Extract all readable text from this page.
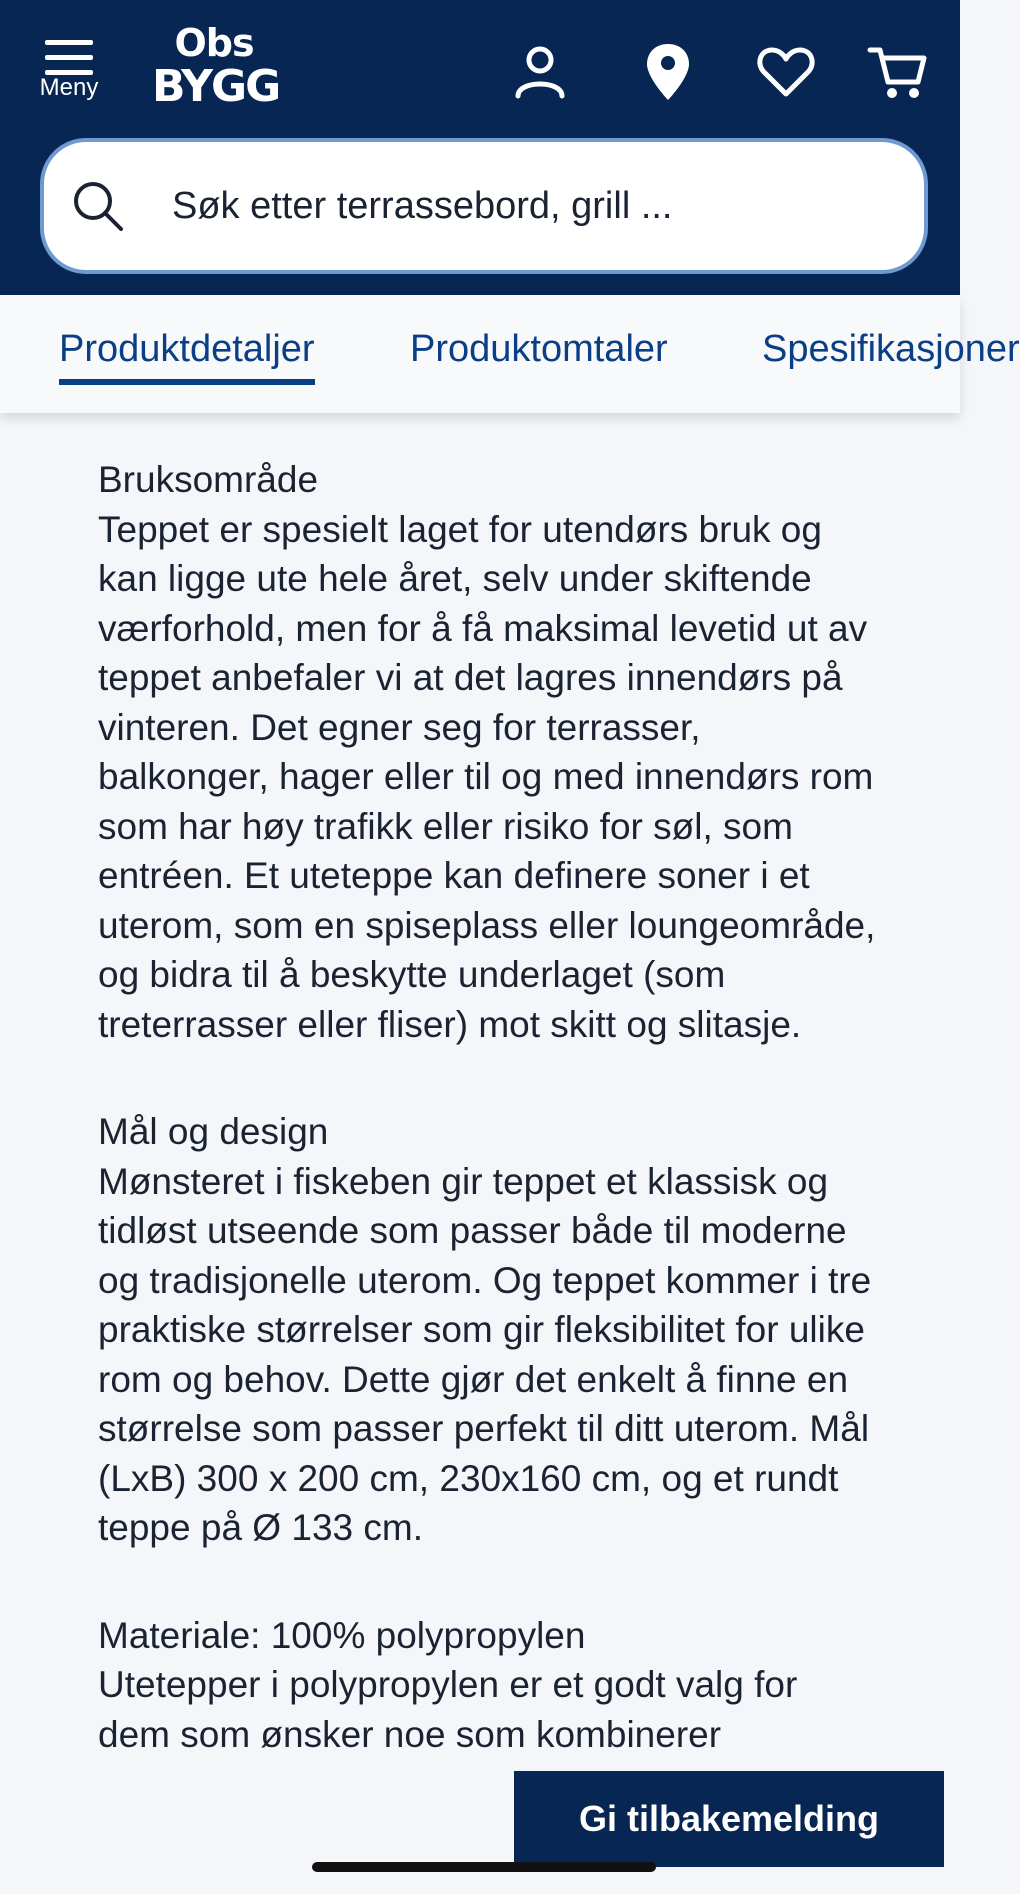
Meny
Obs
BYGG
Søk etter terrassebord, grill ...
Produktdetaljer	Produktomtaler Spesifikasjoner
Bruksområde
Teppet er spesielt laget for utendørs bruk og kan ligge ute hele året, selv under skiftende værforhold, men for å få maksimal levetid ut av teppet anbefaler vi at det lagres innendørs på vinteren. Det egner seg for terrasser, balkonger, hager eller til og med innendørs rom som har høy trafikk eller risiko for søl, som entréen. Et uteteppe kan definere soner i et uterom, som en spiseplass eller loungeområde, og bidra til å beskytte underlaget (som treterrasser eller fliser) mot skitt og slitasje.
Mål og design
Mønsteret i fiskeben gir teppet et klassisk og tidløst utseende som passer både til moderne og tradisjonelle uterom. Og teppet kommer i tre praktiske størrelser som gir fleksibilitet for ulike rom og behov. Dette gjør det enkelt å finne en størrelse som passer perfekt til ditt uterom. Mål (LxB) 300 x 200 cm, 230x160 cm, og et rundt teppe på Ø 133 cm.
Materiale: 100% polypropylen
Utetepper i polypropylen er et godt valg for dem som ønsker noe som kombinerer
Gi tilbakemelding
